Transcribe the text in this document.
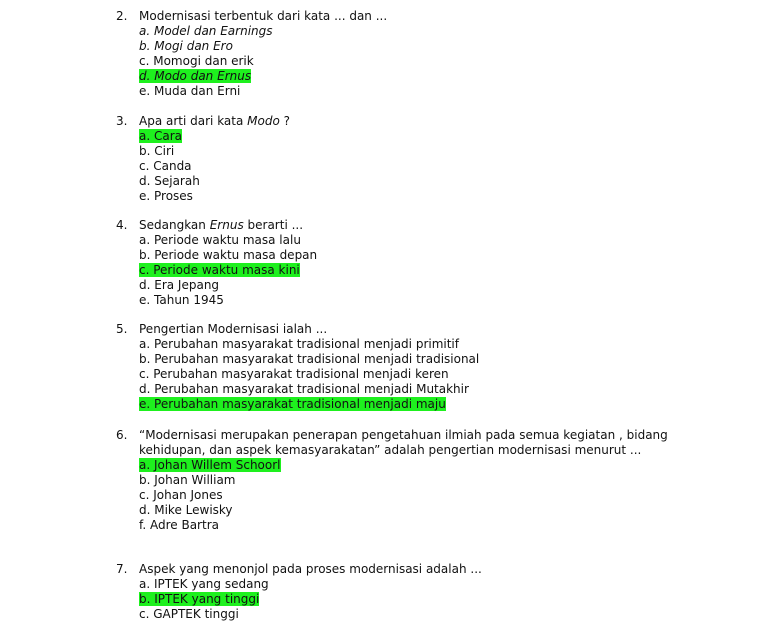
2. Modernisasi terbentuk dari kata ... dan ...
a. Model dan Earnings
b. Mogi dan Ero
c. Momogi dan erik
d. Modo dan Ernus
e. Muda dan Erni
3. Apa arti dari kata Modo ?
a. Cara
b. Ciri
c. Canda
d. Sejarah
e. Proses
4. Sedangkan Ernus berarti ...
a. Periode waktu masa lalu
b. Periode waktu masa depan
c. Periode waktu masa kini
d. Era Jepang
e. Tahun 1945
5. Pengertian Modernisasi ialah ...
a. Perubahan masyarakat tradisional menjadi primitif
b. Perubahan masyarakat tradisional menjadi tradisional
c. Perubahan masyarakat tradisional menjadi keren
d. Perubahan masyarakat tradisional menjadi Mutakhir
e. Perubahan masyarakat tradisional menjadi maju
6. “Modernisasi merupakan penerapan pengetahuan ilmiah pada semua kegiatan , bidang kehidupan, dan aspek kemasyarakatan” adalah pengertian modernisasi menurut ...
a. Johan Willem Schoorl
b. Johan William
c. Johan Jones
d. Mike Lewisky
f. Adre Bartra
7. Aspek yang menonjol pada proses modernisasi adalah ...
a. IPTEK yang sedang
b. IPTEK yang tinggi
c. GAPTEK tinggi
